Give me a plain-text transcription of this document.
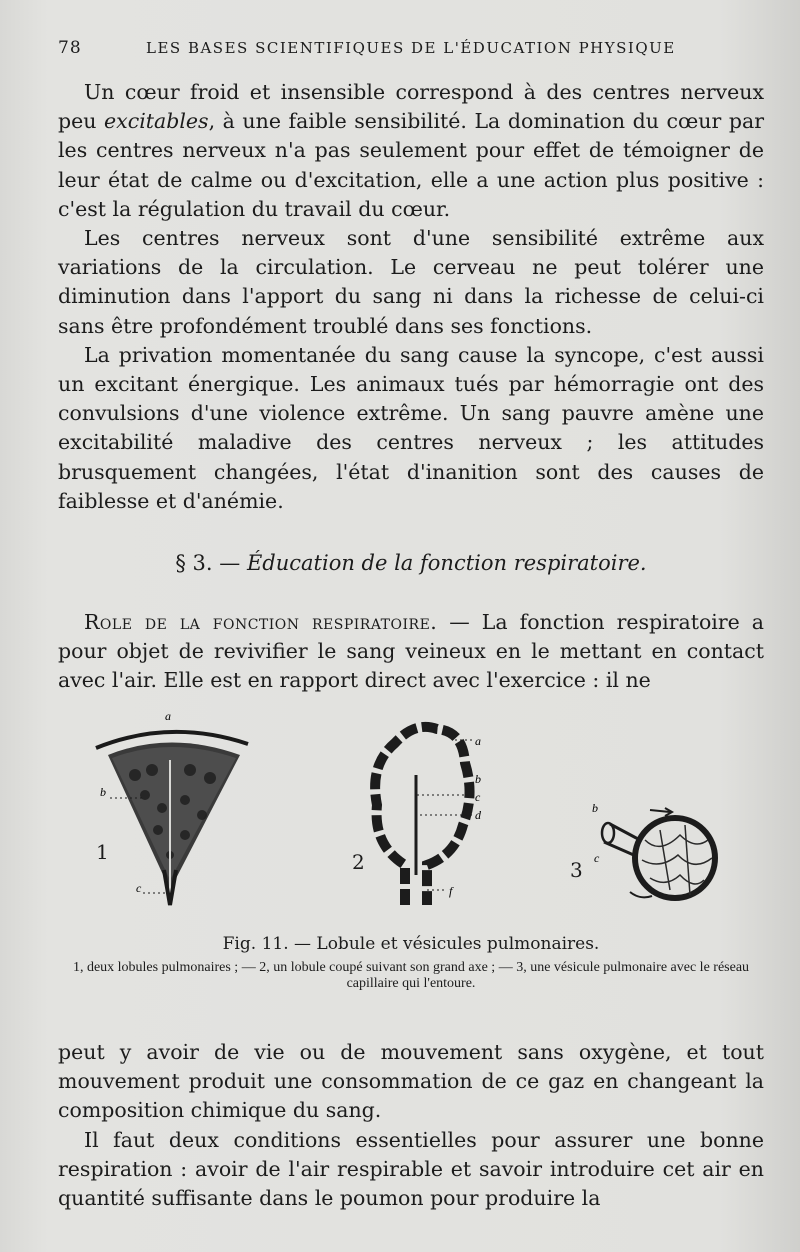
78	LES BASES SCIENTIFIQUES DE L'ÉDUCATION PHYSIQUE

Un cœur froid et insensible correspond à des centres nerveux peu excitables, à une faible sensibilité. La domination du cœur par les centres nerveux n'a pas seulement pour effet de témoigner de leur état de calme ou d'excitation, elle a une action plus positive : c'est la régulation du travail du cœur.

Les centres nerveux sont d'une sensibilité extrême aux variations de la circulation. Le cerveau ne peut tolérer une diminution dans l'apport du sang ni dans la richesse de celui-ci sans être profondément troublé dans ses fonctions.

La privation momentanée du sang cause la syncope, c'est aussi un excitant énergique. Les animaux tués par hémorragie ont des convulsions d'une violence extrême. Un sang pauvre amène une excitabilité maladive des centres nerveux ; les attitudes brusquement changées, l'état d'inanition sont des causes de faiblesse et d'anémie.

§ 3. — Éducation de la fonction respiratoire.

Role de la fonction respiratoire. — La fonction respiratoire a pour objet de revivifier le sang veineux en le mettant en contact avec l'air. Elle est en rapport direct avec l'exercice : il ne

a
b
c
1
a
b
c
d
f
2
b
c
3
Fig. 11. — Lobule et vésicules pulmonaires.
1, deux lobules pulmonaires ; — 2, un lobule coupé suivant son grand axe ; — 3, une vésicule pulmonaire avec le réseau capillaire qui l'entoure.

peut y avoir de vie ou de mouvement sans oxygène, et tout mouvement produit une consommation de ce gaz en changeant la composition chimique du sang.

Il faut deux conditions essentielles pour assurer une bonne respiration : avoir de l'air respirable et savoir introduire cet air en quantité suffisante dans le poumon pour produire la
